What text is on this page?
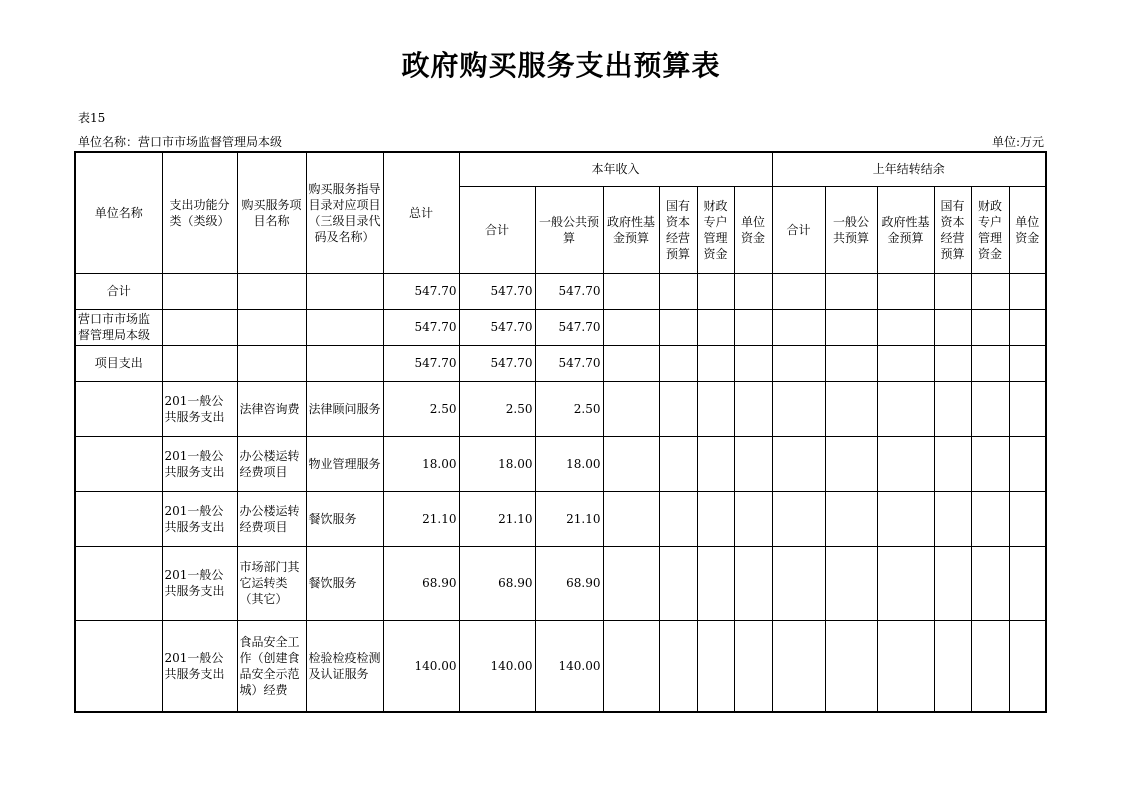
政府购买服务支出预算表
表15
单位名称：营口市市场监督管理局本级	单位:万元
单位名称	支出功能分类（类级）	购买服务项目名称	购买服务指导目录对应项目（三级目录代码及名称）	总计	本年收入						上年结转结余					
					合计	一般公共预算	政府性基金预算	国有资本经营预算	财政专户管理资金	单位资金	合计	一般公共预算	政府性基金预算	国有资本经营预算	财政专户管理资金	单位资金
合计				547.70	547.70	547.70										
营口市市场监督管理局本级				547.70	547.70	547.70										
项目支出				547.70	547.70	547.70										
	201一般公共服务支出	法律咨询费	法律顾问服务	2.50	2.50	2.50										
	201一般公共服务支出	办公楼运转经费项目	物业管理服务	18.00	18.00	18.00										
	201一般公共服务支出	办公楼运转经费项目	餐饮服务	21.10	21.10	21.10										
	201一般公共服务支出	市场部门其它运转类（其它）	餐饮服务	68.90	68.90	68.90										
	201一般公共服务支出	食品安全工作（创建食品安全示范城）经费	检验检疫检测及认证服务	140.00	140.00	140.00										
